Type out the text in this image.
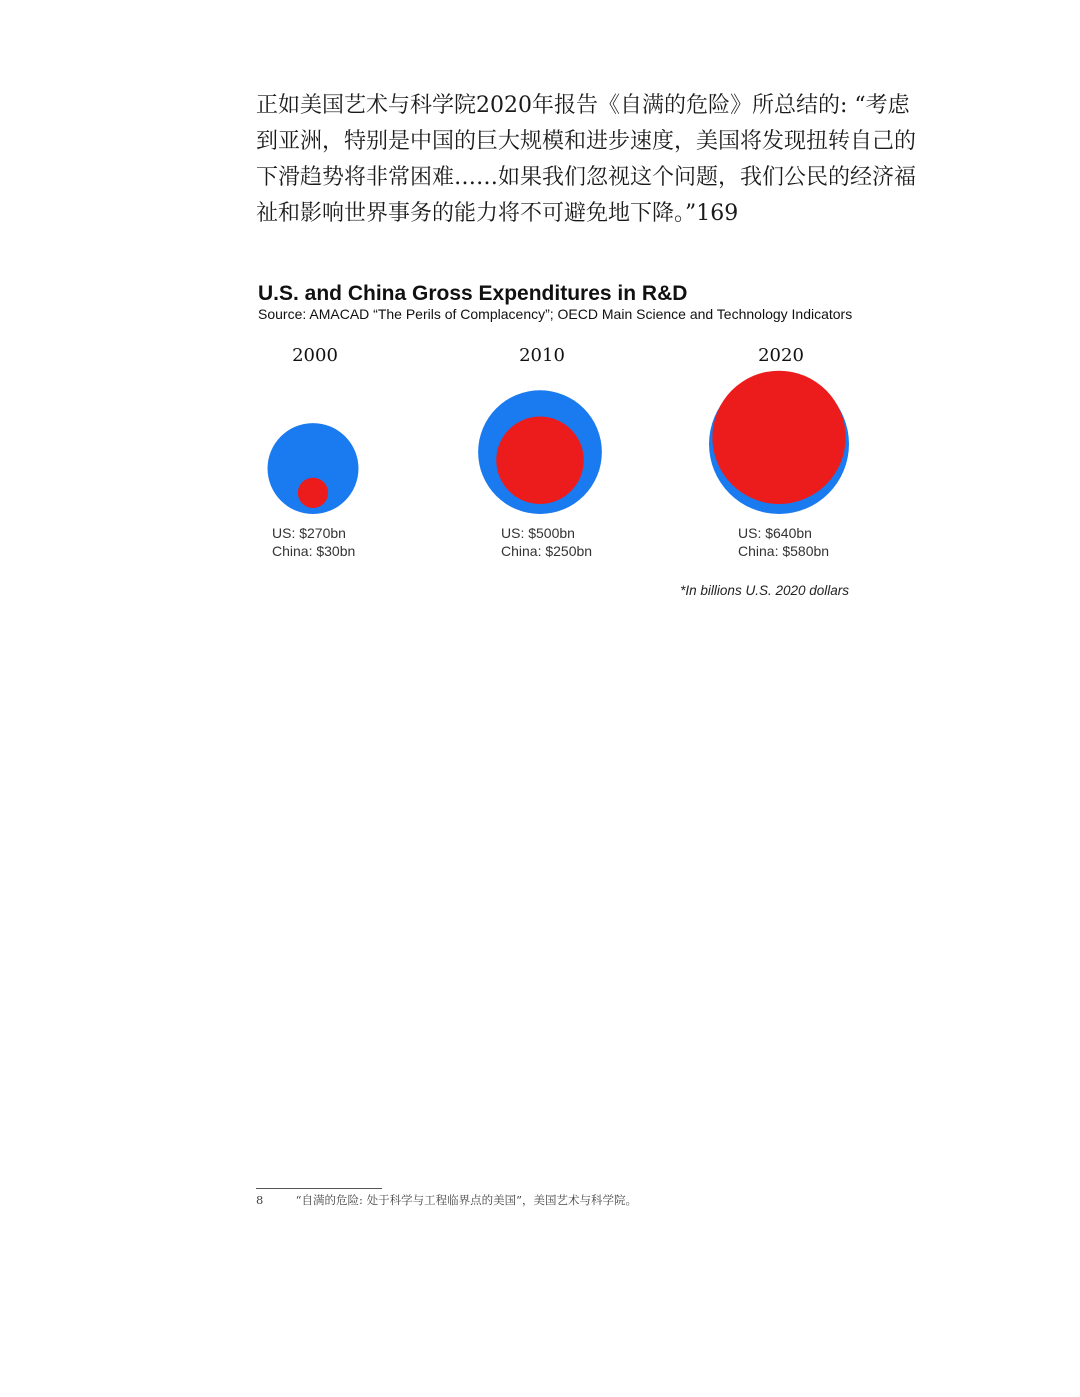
正如美国艺术与科学院2020年报告《自满的危险》所总结的: “考虑
到亚洲，特别是中国的巨大规模和进步速度，美国将发现扭转自己的
下滑趋势将非常困难……如果我们忽视这个问题，我们公民的经济福
祉和影响世界事务的能力将不可避免地下降。”169
U.S. and China Gross Expenditures in R&D
Source: AMACAD “The Perils of Complacency”; OECD Main Science and Technology Indicators
2000
US: $270bn
China: $30bn
2010
US: $500bn
China: $250bn
2020
US: $640bn
China: $580bn
*In billions U.S. 2020 dollars
8	“自满的危险: 处于科学与工程临界点的美国”，美国艺术与科学院。
